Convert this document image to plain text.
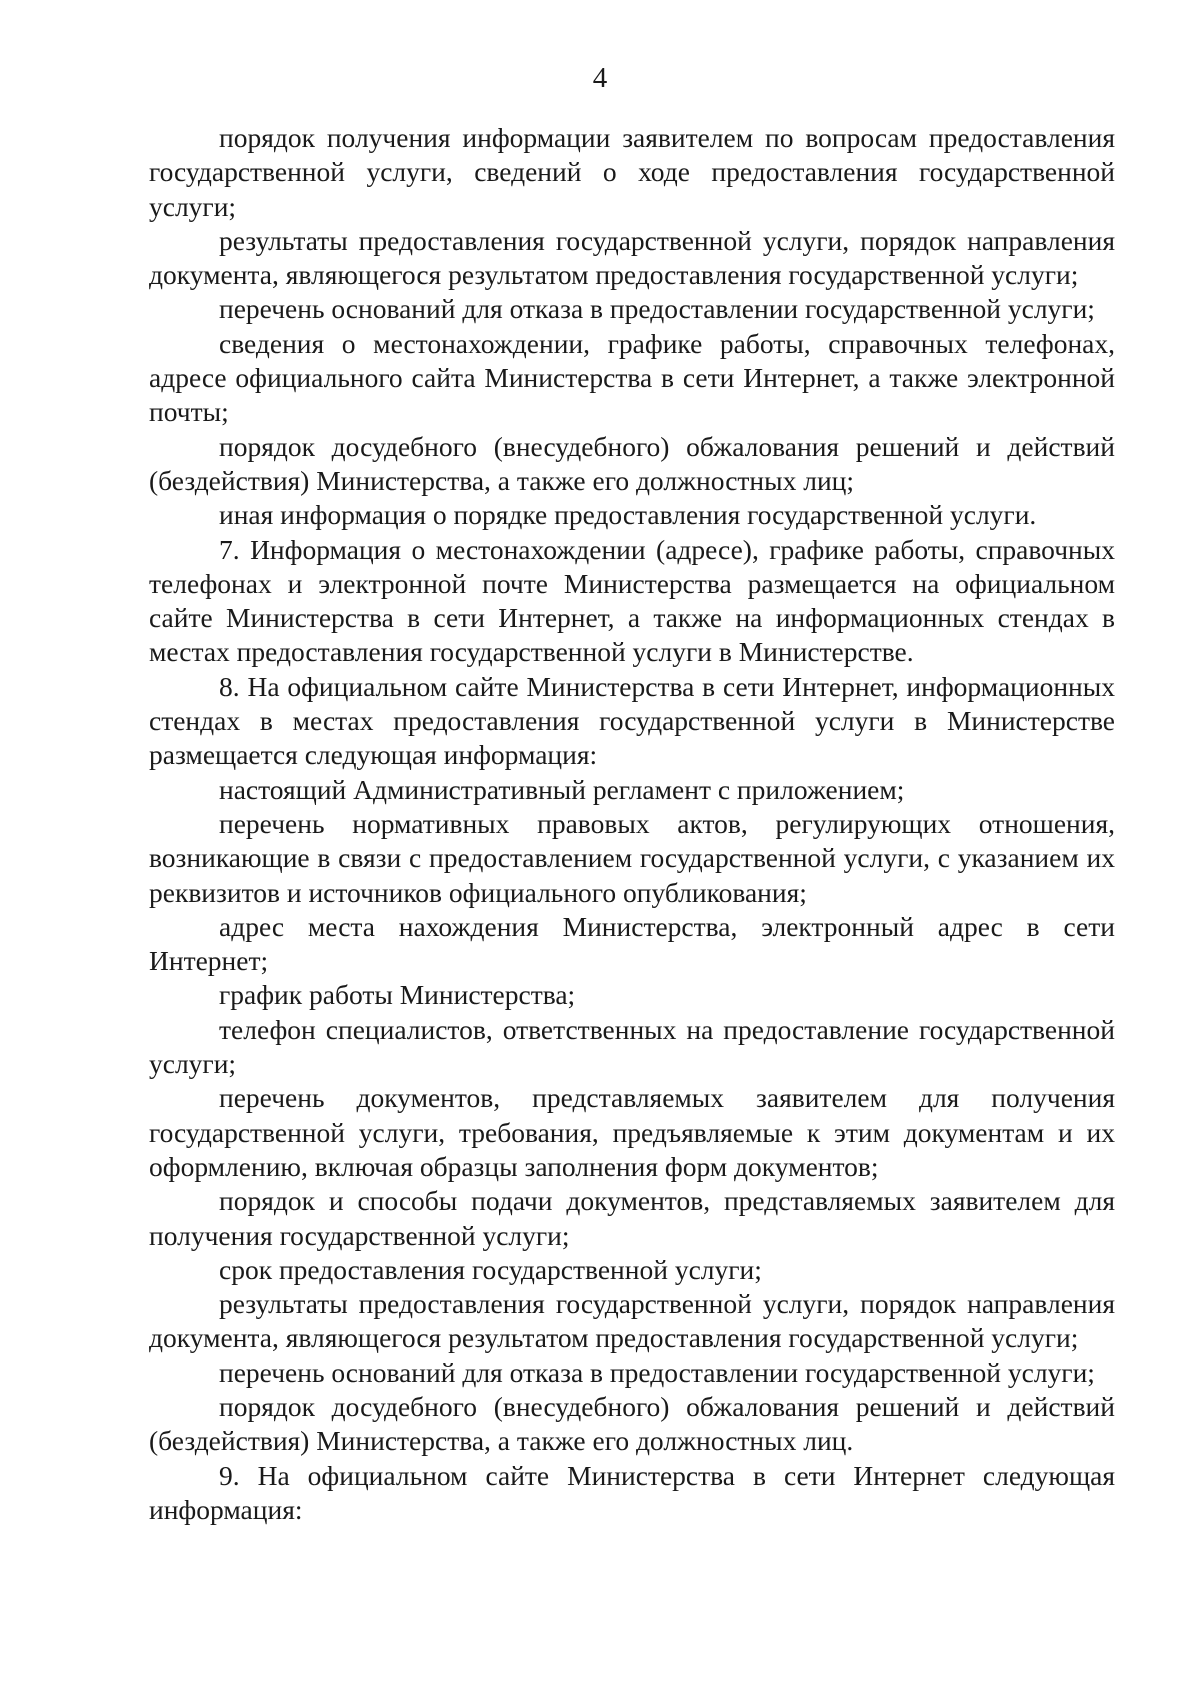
4

порядок получения информации заявителем по вопросам предоставления государственной услуги, сведений о ходе предоставления государственной услуги;

результаты предоставления государственной услуги, порядок направления документа, являющегося результатом предоставления государственной услуги;

перечень оснований для отказа в предоставлении государственной услуги;

сведения о местонахождении, графике работы, справочных телефонах, адресе официального сайта Министерства в сети Интернет, а также электронной почты;

порядок досудебного (внесудебного) обжалования решений и действий (бездействия) Министерства, а также его должностных лиц;

иная информация о порядке предоставления государственной услуги.

7. Информация о местонахождении (адресе), графике работы, справочных телефонах и электронной почте Министерства размещается на официальном сайте Министерства в сети Интернет, а также на информационных стендах в местах предоставления государственной услуги в Министерстве.

8. На официальном сайте Министерства в сети Интернет, информационных стендах в местах предоставления государственной услуги в Министерстве размещается следующая информация:

настоящий Административный регламент с приложением;

перечень нормативных правовых актов, регулирующих отношения, возникающие в связи с предоставлением государственной услуги, с указанием их реквизитов и источников официального опубликования;

адрес места нахождения Министерства, электронный адрес в сети Интернет;

график работы Министерства;

телефон специалистов, ответственных на предоставление государственной услуги;

перечень документов, представляемых заявителем для получения государственной услуги, требования, предъявляемые к этим документам и их оформлению, включая образцы заполнения форм документов;

порядок и способы подачи документов, представляемых заявителем для получения государственной услуги;

срок предоставления государственной услуги;

результаты предоставления государственной услуги, порядок направления документа, являющегося результатом предоставления государственной услуги;

перечень оснований для отказа в предоставлении государственной услуги;

порядок досудебного (внесудебного) обжалования решений и действий (бездействия) Министерства, а также его должностных лиц.

9. На официальном сайте Министерства в сети Интернет следующая информация:
